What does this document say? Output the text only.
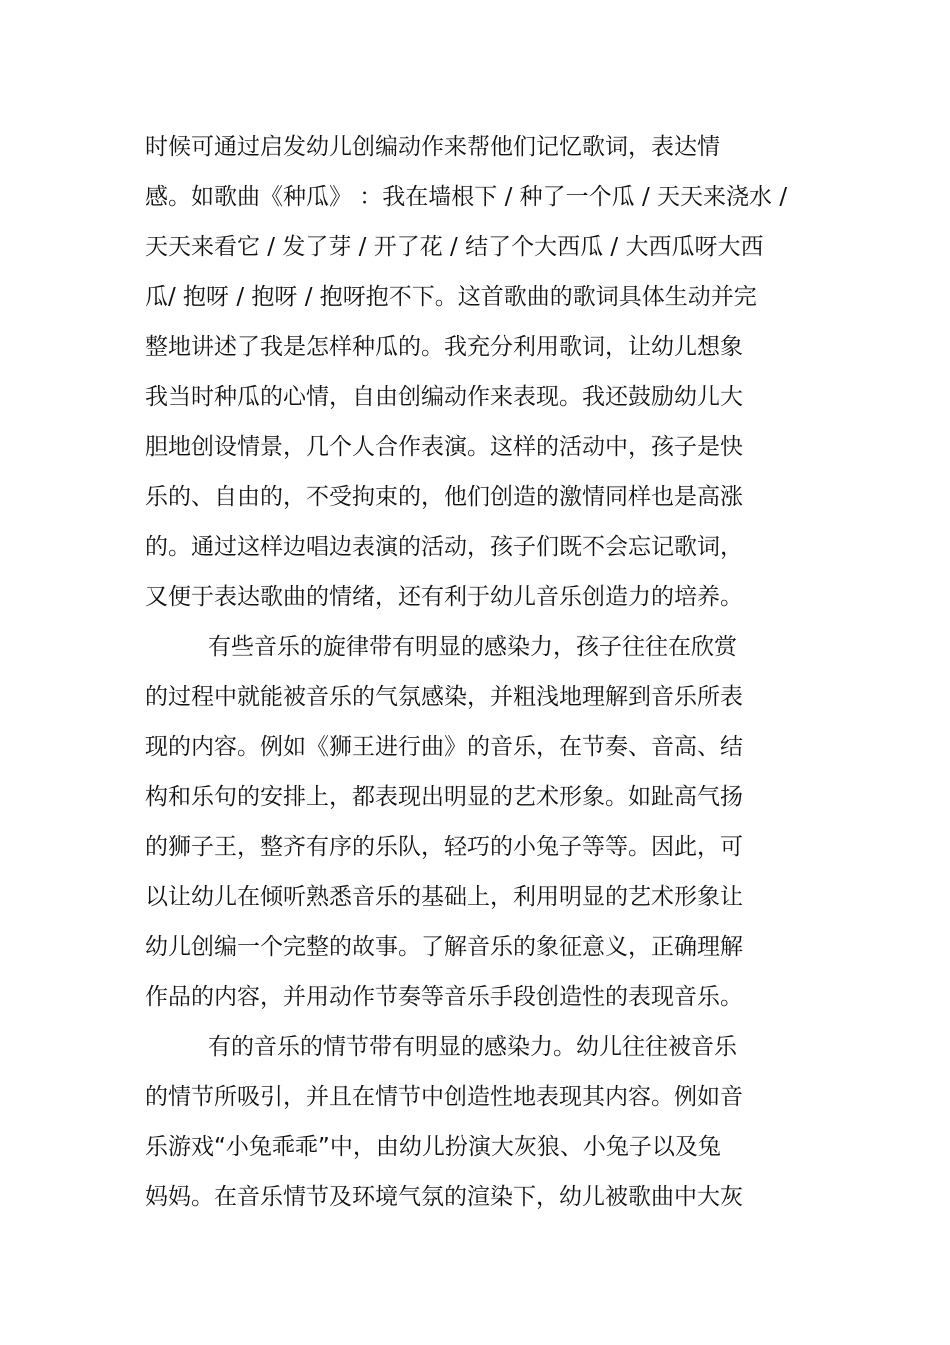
时候可通过启发幼儿创编动作来帮他们记忆歌词，表达情
感。如歌曲《种瓜》 ：我在墙根下 / 种了一个瓜 / 天天来浇水 /
天天来看它 / 发了芽 / 开了花 / 结了个大西瓜 / 大西瓜呀大西
瓜/ 抱呀 / 抱呀 / 抱呀抱不下。这首歌曲的歌词具体生动并完
整地讲述了我是怎样种瓜的。我充分利用歌词，让幼儿想象
我当时种瓜的心情，自由创编动作来表现。我还鼓励幼儿大
胆地创设情景，几个人合作表演。这样的活动中，孩子是快
乐的、自由的，不受拘束的，他们创造的激情同样也是高涨
的。通过这样边唱边表演的活动，孩子们既不会忘记歌词，
又便于表达歌曲的情绪，还有利于幼儿音乐创造力的培养。
有些音乐的旋律带有明显的感染力，孩子往往在欣赏
的过程中就能被音乐的气氛感染，并粗浅地理解到音乐所表
现的内容。例如《狮王进行曲》的音乐，在节奏、音高、结
构和乐句的安排上，都表现出明显的艺术形象。如趾高气扬
的狮子王，整齐有序的乐队，轻巧的小兔子等等。因此，可
以让幼儿在倾听熟悉音乐的基础上，利用明显的艺术形象让
幼儿创编一个完整的故事。了解音乐的象征意义，正确理解
作品的内容，并用动作节奏等音乐手段创造性的表现音乐。
有的音乐的情节带有明显的感染力。幼儿往往被音乐
的情节所吸引，并且在情节中创造性地表现其内容。例如音
乐游戏“小兔乖乖”中，由幼儿扮演大灰狼、小兔子以及兔
妈妈。在音乐情节及环境气氛的渲染下，幼儿被歌曲中大灰
